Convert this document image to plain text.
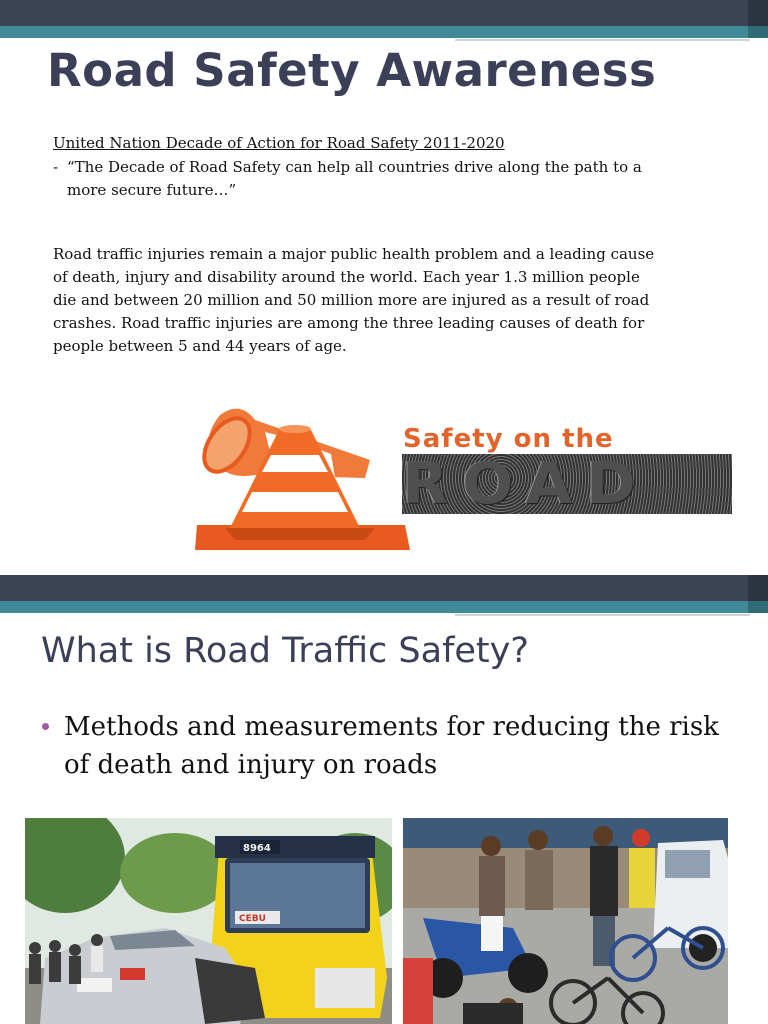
Road Safety Awareness
United Nation Decade of Action for Road Safety 2011-2020
- “The Decade of Road Safety can help all countries drive along the path to a
more secure future…”
Road traffic injuries remain a major public health problem and a leading cause
of death, injury and disability around the world. Each year 1.3 million people
die and between 20 million and 50 million more are injured as a result of road
crashes. Road traffic injuries are among the three leading causes of death for
people between 5 and 44 years of age.
Safety on the
ROAD
What is Road Traffic Safety?
Methods and measurements for reducing the risk
of death and injury on roads
8964
CEBU
